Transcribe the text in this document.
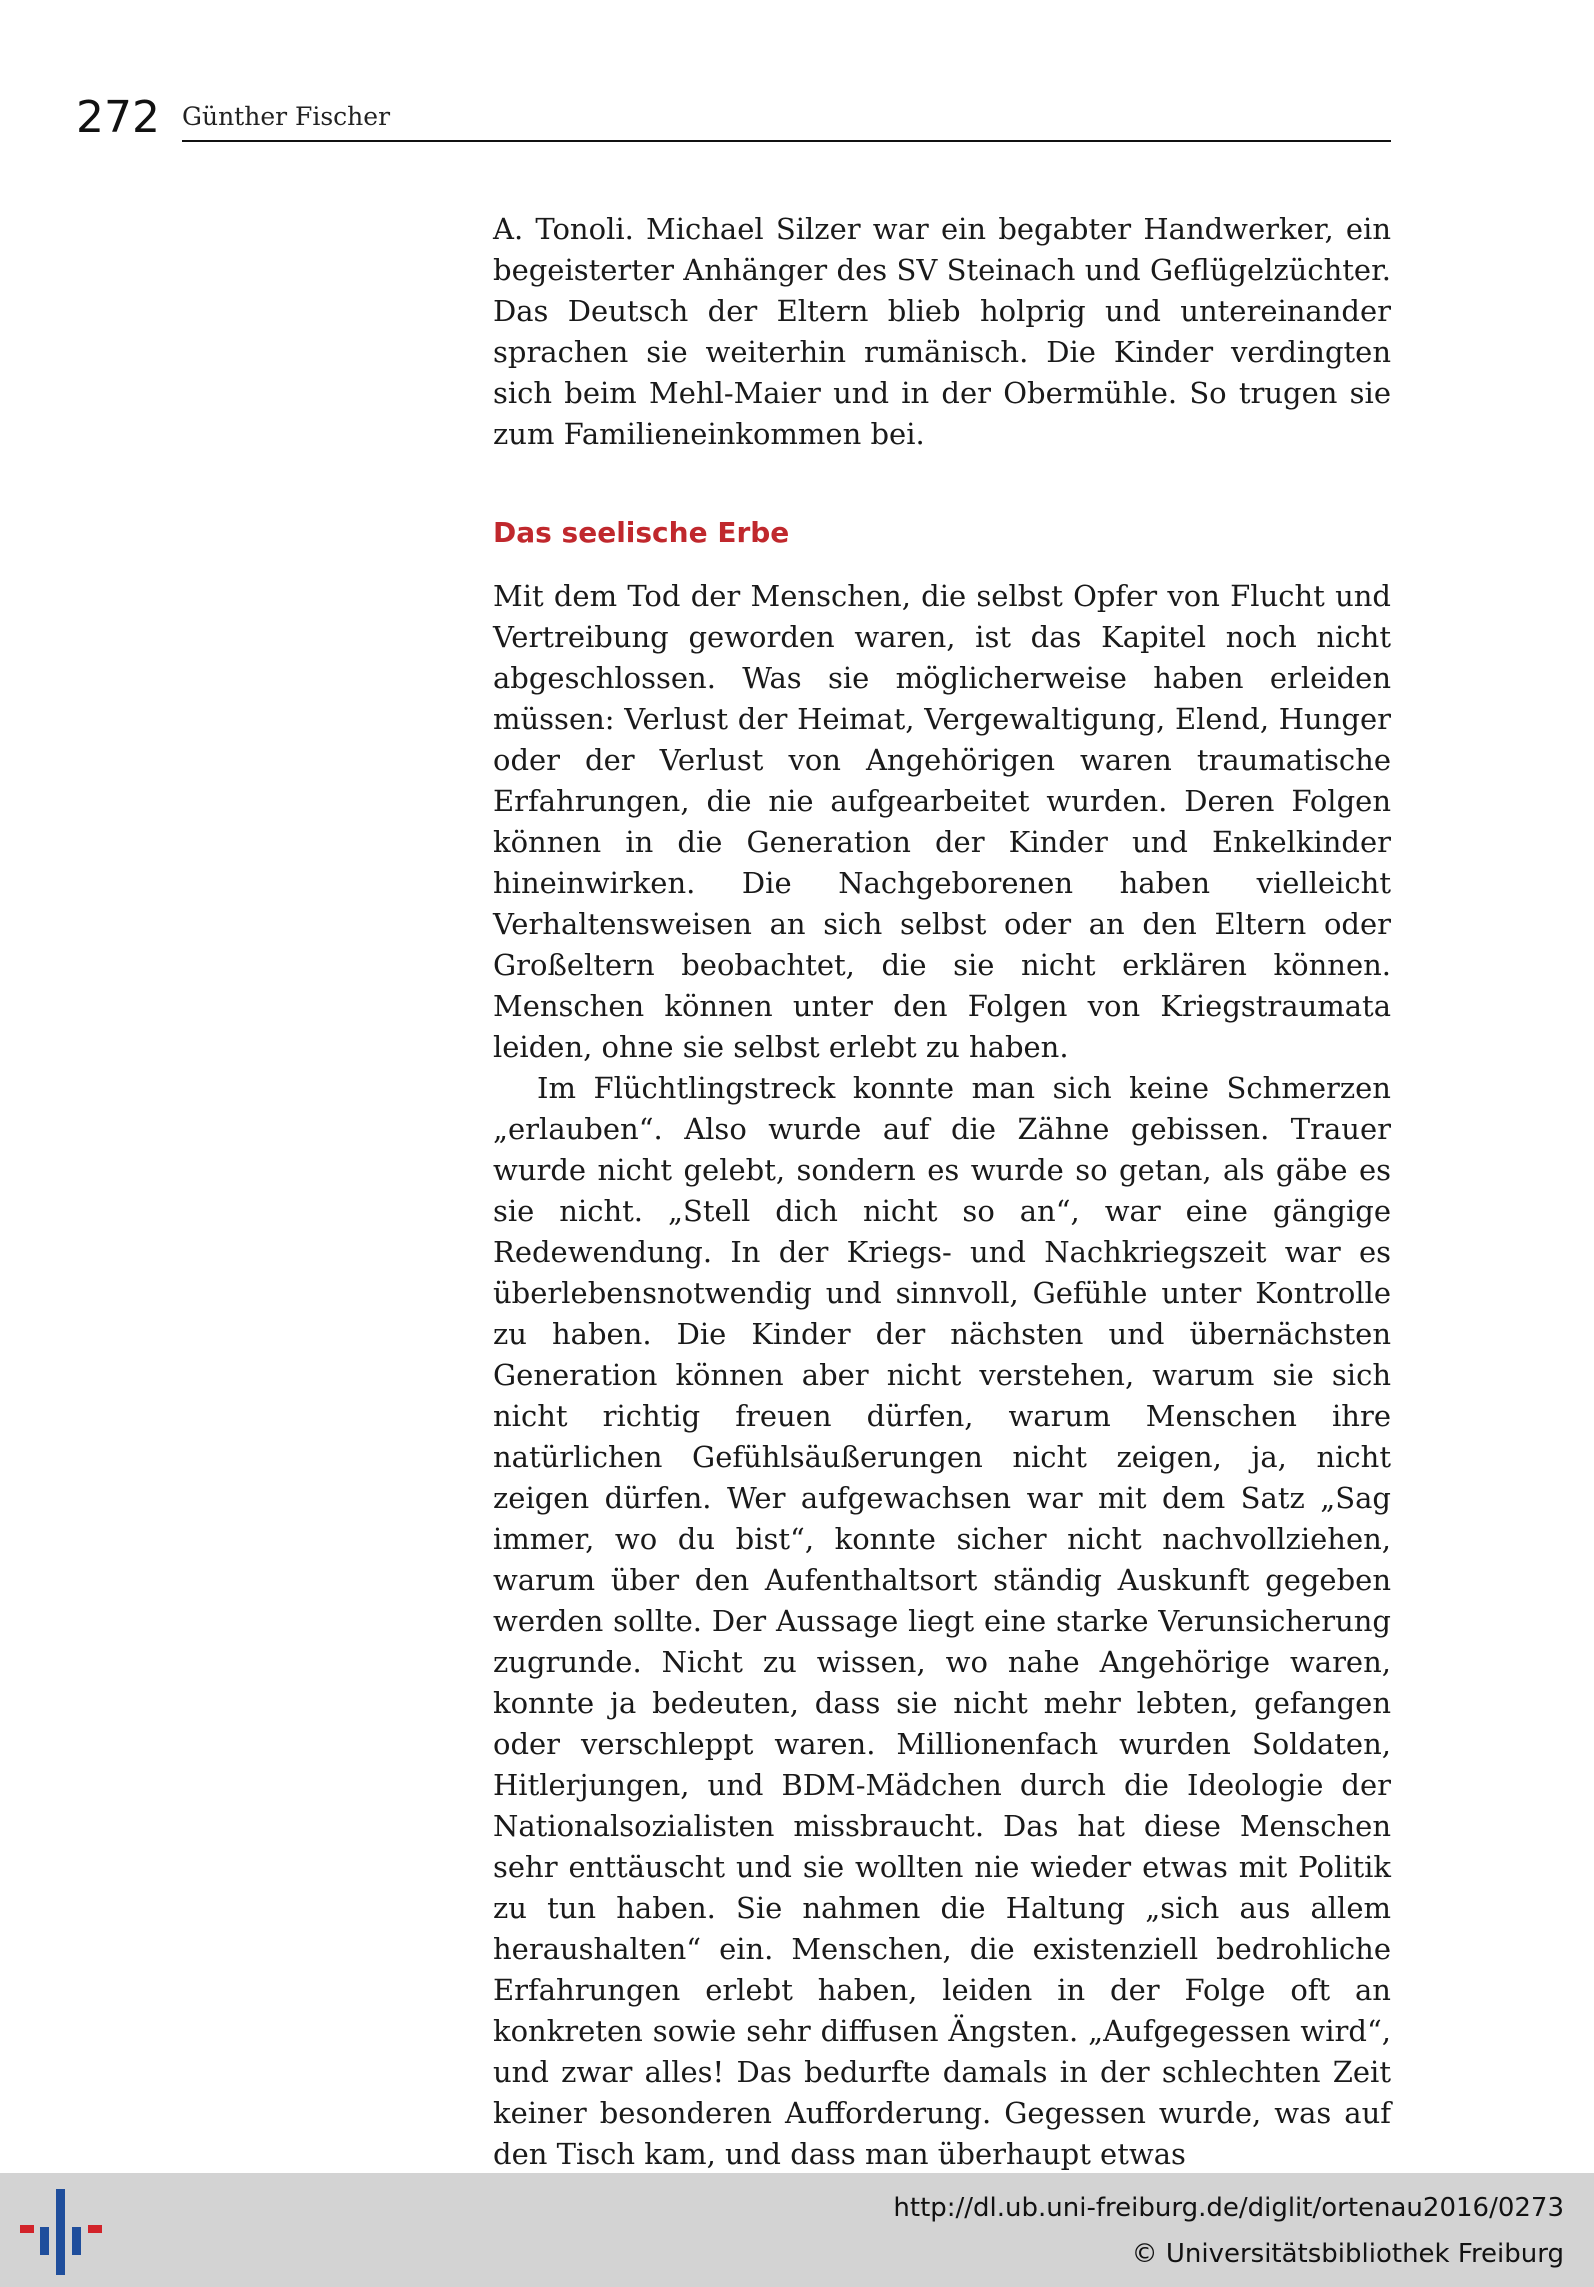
272 Günther Fischer

A. Tonoli. Michael Silzer war ein begabter Handwerker, ein begeisterter Anhänger des SV Steinach und Geflügelzüchter. Das Deutsch der Eltern blieb holprig und untereinander sprachen sie weiterhin rumänisch. Die Kinder verdingten sich beim Mehl-Maier und in der Obermühle. So trugen sie zum Familieneinkommen bei.

Das seelische Erbe

Mit dem Tod der Menschen, die selbst Opfer von Flucht und Vertreibung geworden waren, ist das Kapitel noch nicht abgeschlossen. Was sie möglicherweise haben erleiden müssen: Verlust der Heimat, Vergewaltigung, Elend, Hunger oder der Verlust von Angehörigen waren traumatische Erfahrungen, die nie aufgearbeitet wurden. Deren Folgen können in die Generation der Kinder und Enkelkinder hineinwirken. Die Nachgeborenen haben vielleicht Verhaltensweisen an sich selbst oder an den Eltern oder Großeltern beobachtet, die sie nicht erklären können. Menschen können unter den Folgen von Kriegstraumata leiden, ohne sie selbst erlebt zu haben.

Im Flüchtlingstreck konnte man sich keine Schmerzen „erlauben“. Also wurde auf die Zähne gebissen. Trauer wurde nicht gelebt, sondern es wurde so getan, als gäbe es sie nicht. „Stell dich nicht so an“, war eine gängige Redewendung. In der Kriegs- und Nachkriegszeit war es überlebensnotwendig und sinnvoll, Gefühle unter Kontrolle zu haben. Die Kinder der nächsten und übernächsten Generation können aber nicht verstehen, warum sie sich nicht richtig freuen dürfen, warum Menschen ihre natürlichen Gefühlsäußerungen nicht zeigen, ja, nicht zeigen dürfen. Wer aufgewachsen war mit dem Satz „Sag immer, wo du bist“, konnte sicher nicht nachvollziehen, warum über den Aufenthaltsort ständig Auskunft gegeben werden sollte. Der Aussage liegt eine starke Verunsicherung zugrunde. Nicht zu wissen, wo nahe Angehörige waren, konnte ja bedeuten, dass sie nicht mehr lebten, gefangen oder verschleppt waren. Millionenfach wurden Soldaten, Hitlerjungen, und BDM-Mädchen durch die Ideologie der Nationalsozialisten missbraucht. Das hat diese Menschen sehr enttäuscht und sie wollten nie wieder etwas mit Politik zu tun haben. Sie nahmen die Haltung „sich aus allem heraushalten“ ein. Menschen, die existenziell bedrohliche Erfahrungen erlebt haben, leiden in der Folge oft an konkreten sowie sehr diffusen Ängsten. „Aufgegessen wird“, und zwar alles! Das bedurfte damals in der schlechten Zeit keiner besonderen Aufforderung. Gegessen wurde, was auf den Tisch kam, und dass man überhaupt etwas

http://dl.ub.uni-freiburg.de/diglit/ortenau2016/0273
© Universitätsbibliothek Freiburg
